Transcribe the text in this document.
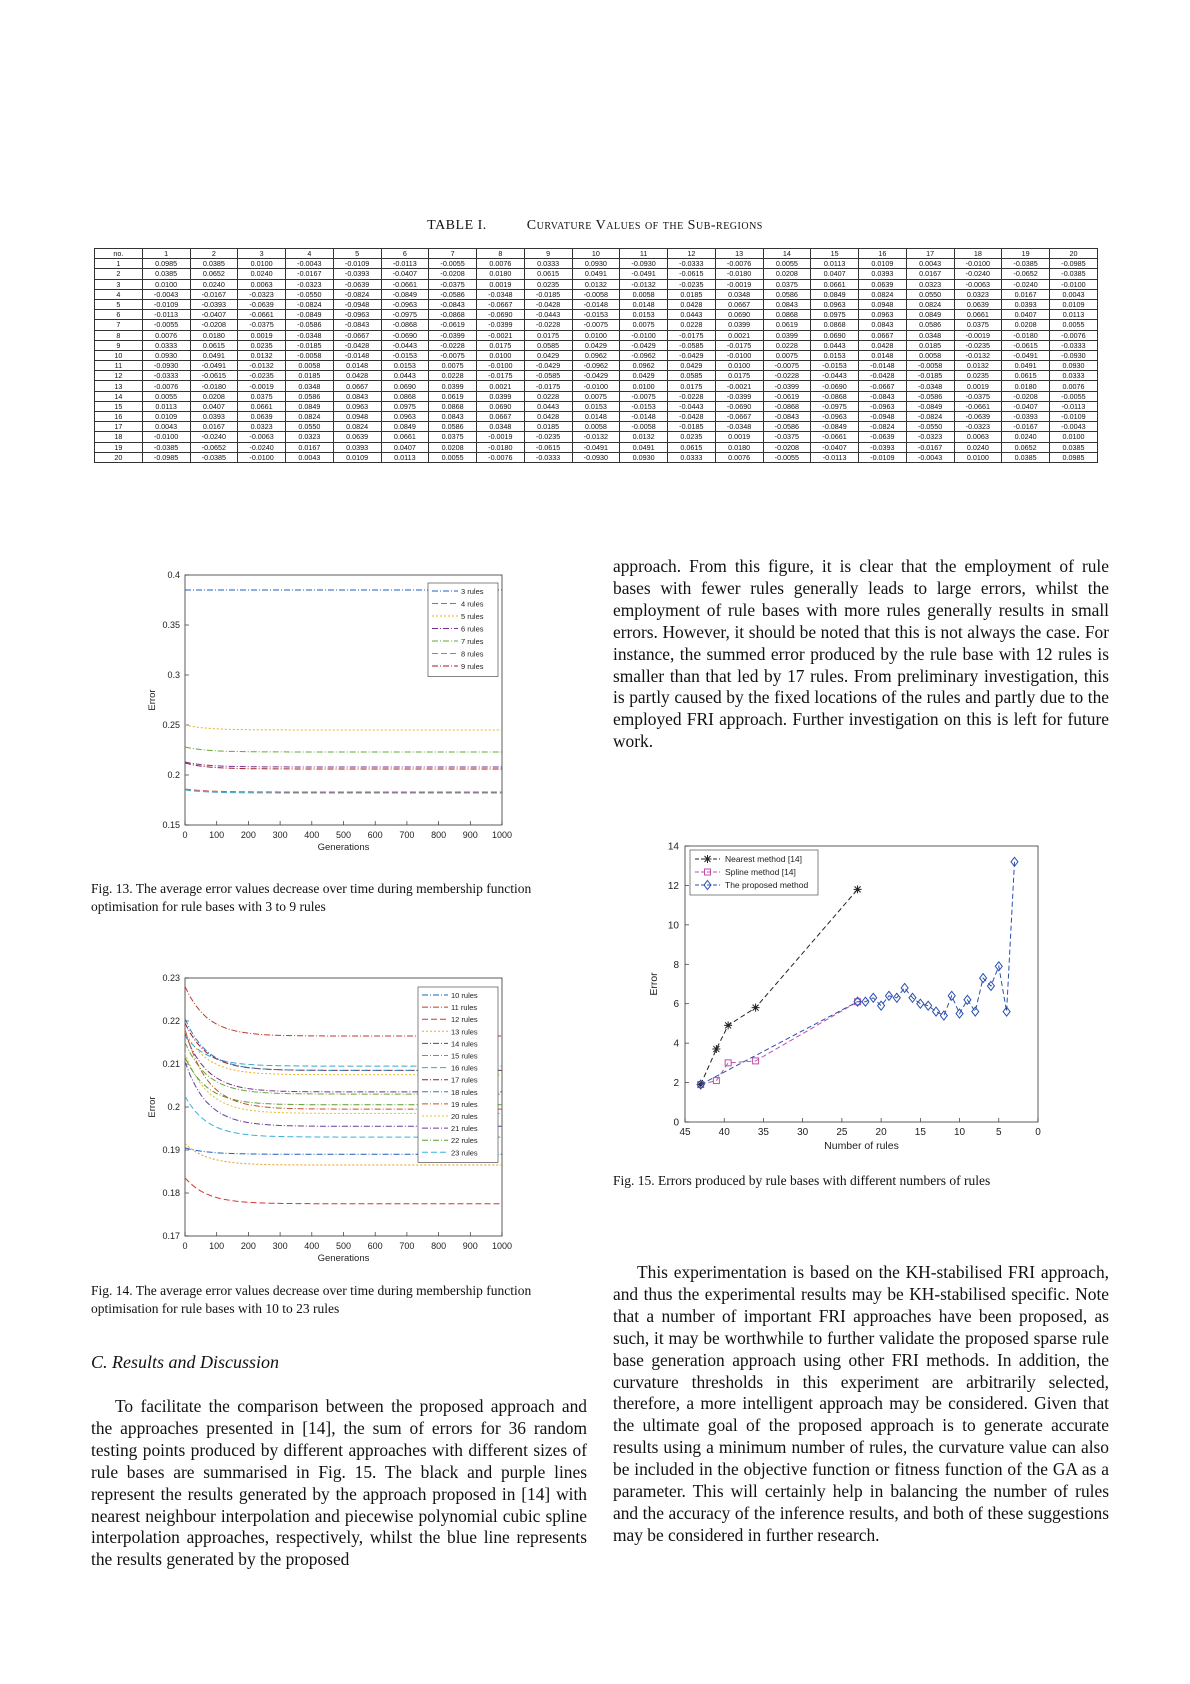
TABLE I.	Curvature Values of the Sub-regions
no.	1	2	3	4	5	6	7	8	9	10	11	12	13	14	15	16	17	18	19	20
1	0.0985	0.0385	0.0100	-0.0043	-0.0109	-0.0113	-0.0055	0.0076	0.0333	0.0930	-0.0930	-0.0333	-0.0076	0.0055	0.0113	0.0109	0.0043	-0.0100	-0.0385	-0.0985
2	0.0385	0.0652	0.0240	-0.0167	-0.0393	-0.0407	-0.0208	0.0180	0.0615	0.0491	-0.0491	-0.0615	-0.0180	0.0208	0.0407	0.0393	0.0167	-0.0240	-0.0652	-0.0385
3	0.0100	0.0240	0.0063	-0.0323	-0.0639	-0.0661	-0.0375	0.0019	0.0235	0.0132	-0.0132	-0.0235	-0.0019	0.0375	0.0661	0.0639	0.0323	-0.0063	-0.0240	-0.0100
4	-0.0043	-0.0167	-0.0323	-0.0550	-0.0824	-0.0849	-0.0586	-0.0348	-0.0185	-0.0058	0.0058	0.0185	0.0348	0.0586	0.0849	0.0824	0.0550	0.0323	0.0167	0.0043
5	-0.0109	-0.0393	-0.0639	-0.0824	-0.0948	-0.0963	-0.0843	-0.0667	-0.0428	-0.0148	0.0148	0.0428	0.0667	0.0843	0.0963	0.0948	0.0824	0.0639	0.0393	0.0109
6	-0.0113	-0.0407	-0.0661	-0.0849	-0.0963	-0.0975	-0.0868	-0.0690	-0.0443	-0.0153	0.0153	0.0443	0.0690	0.0868	0.0975	0.0963	0.0849	0.0661	0.0407	0.0113
7	-0.0055	-0.0208	-0.0375	-0.0586	-0.0843	-0.0868	-0.0619	-0.0399	-0.0228	-0.0075	0.0075	0.0228	0.0399	0.0619	0.0868	0.0843	0.0586	0.0375	0.0208	0.0055
8	0.0076	0.0180	0.0019	-0.0348	-0.0667	-0.0690	-0.0399	-0.0021	0.0175	0.0100	-0.0100	-0.0175	0.0021	0.0399	0.0690	0.0667	0.0348	-0.0019	-0.0180	-0.0076
9	0.0333	0.0615	0.0235	-0.0185	-0.0428	-0.0443	-0.0228	0.0175	0.0585	0.0429	-0.0429	-0.0585	-0.0175	0.0228	0.0443	0.0428	0.0185	-0.0235	-0.0615	-0.0333
10	0.0930	0.0491	0.0132	-0.0058	-0.0148	-0.0153	-0.0075	0.0100	0.0429	0.0962	-0.0962	-0.0429	-0.0100	0.0075	0.0153	0.0148	0.0058	-0.0132	-0.0491	-0.0930
11	-0.0930	-0.0491	-0.0132	0.0058	0.0148	0.0153	0.0075	-0.0100	-0.0429	-0.0962	0.0962	0.0429	0.0100	-0.0075	-0.0153	-0.0148	-0.0058	0.0132	0.0491	0.0930
12	-0.0333	-0.0615	-0.0235	0.0185	0.0428	0.0443	0.0228	-0.0175	-0.0585	-0.0429	0.0429	0.0585	0.0175	-0.0228	-0.0443	-0.0428	-0.0185	0.0235	0.0615	0.0333
13	-0.0076	-0.0180	-0.0019	0.0348	0.0667	0.0690	0.0399	0.0021	-0.0175	-0.0100	0.0100	0.0175	-0.0021	-0.0399	-0.0690	-0.0667	-0.0348	0.0019	0.0180	0.0076
14	0.0055	0.0208	0.0375	0.0586	0.0843	0.0868	0.0619	0.0399	0.0228	0.0075	-0.0075	-0.0228	-0.0399	-0.0619	-0.0868	-0.0843	-0.0586	-0.0375	-0.0208	-0.0055
15	0.0113	0.0407	0.0661	0.0849	0.0963	0.0975	0.0868	0.0690	0.0443	0.0153	-0.0153	-0.0443	-0.0690	-0.0868	-0.0975	-0.0963	-0.0849	-0.0661	-0.0407	-0.0113
16	0.0109	0.0393	0.0639	0.0824	0.0948	0.0963	0.0843	0.0667	0.0428	0.0148	-0.0148	-0.0428	-0.0667	-0.0843	-0.0963	-0.0948	-0.0824	-0.0639	-0.0393	-0.0109
17	0.0043	0.0167	0.0323	0.0550	0.0824	0.0849	0.0586	0.0348	0.0185	0.0058	-0.0058	-0.0185	-0.0348	-0.0586	-0.0849	-0.0824	-0.0550	-0.0323	-0.0167	-0.0043
18	-0.0100	-0.0240	-0.0063	0.0323	0.0639	0.0661	0.0375	-0.0019	-0.0235	-0.0132	0.0132	0.0235	0.0019	-0.0375	-0.0661	-0.0639	-0.0323	0.0063	0.0240	0.0100
19	-0.0385	-0.0652	-0.0240	0.0167	0.0393	0.0407	0.0208	-0.0180	-0.0615	-0.0491	0.0491	0.0615	0.0180	-0.0208	-0.0407	-0.0393	-0.0167	0.0240	0.0652	0.0385
20	-0.0985	-0.0385	-0.0100	0.0043	0.0109	0.0113	0.0055	-0.0076	-0.0333	-0.0930	0.0930	0.0333	0.0076	-0.0055	-0.0113	-0.0109	-0.0043	0.0100	0.0385	0.0985
0 100 200 300 400 500 600 700 800 900 1000
0.15
0.2
0.25
0.3
0.35
0.4
Generations
Error
3 rules
4 rules
5 rules
6 rules
7 rules
8 rules
9 rules
Fig. 13. The average error values decrease over time during membership function optimisation for rule bases with 3 to 9 rules
0 100 200 300 400 500 600 700 800 900 1000
0.17
0.18
0.19
0.2
0.21
0.22
0.23
Generations
Error
10 rules
11 rules
12 rules
13 rules
14 rules
15 rules
16 rules
17 rules
18 rules
19 rules
20 rules
21 rules
22 rules
23 rules
Fig. 14. The average error values decrease over time during membership function optimisation for rule bases with 10 to 23 rules
C. Results and Discussion
To facilitate the comparison between the proposed approach and the approaches presented in [14], the sum of errors for 36 random testing points produced by different approaches with different sizes of rule bases are summarised in Fig. 15. The black and purple lines represent the results generated by the approach proposed in [14] with nearest neighbour interpolation and piecewise polynomial cubic spline interpolation approaches, respectively, whilst the blue line represents the results generated by the proposed
approach. From this figure, it is clear that the employment of rule bases with fewer rules generally leads to large errors, whilst the employment of rule bases with more rules generally results in small errors. However, it should be noted that this is not always the case. For instance, the summed error produced by the rule base with 12 rules is smaller than that led by 17 rules. From preliminary investigation, this is partly caused by the fixed locations of the rules and partly due to the employed FRI approach. Further investigation on this is left for future work.
45	40	35	30	25	20	15	10	5	0
0
2
4
6
8
10
12
14
Number of rules
Error
Nearest method [14]
Spline method [14]
The proposed method
Fig. 15. Errors produced by rule bases with different numbers of rules
This experimentation is based on the KH-stabilised FRI approach, and thus the experimental results may be KH-stabilised specific. Note that a number of important FRI approaches have been proposed, as such, it may be worthwhile to further validate the proposed sparse rule base generation approach using other FRI methods. In addition, the curvature thresholds in this experiment are arbitrarily selected, therefore, a more intelligent approach may be considered. Given that the ultimate goal of the proposed approach is to generate accurate results using a minimum number of rules, the curvature value can also be included in the objective function or fitness function of the GA as a parameter. This will certainly help in balancing the number of rules and the accuracy of the inference results, and both of these suggestions may be considered in further research.
